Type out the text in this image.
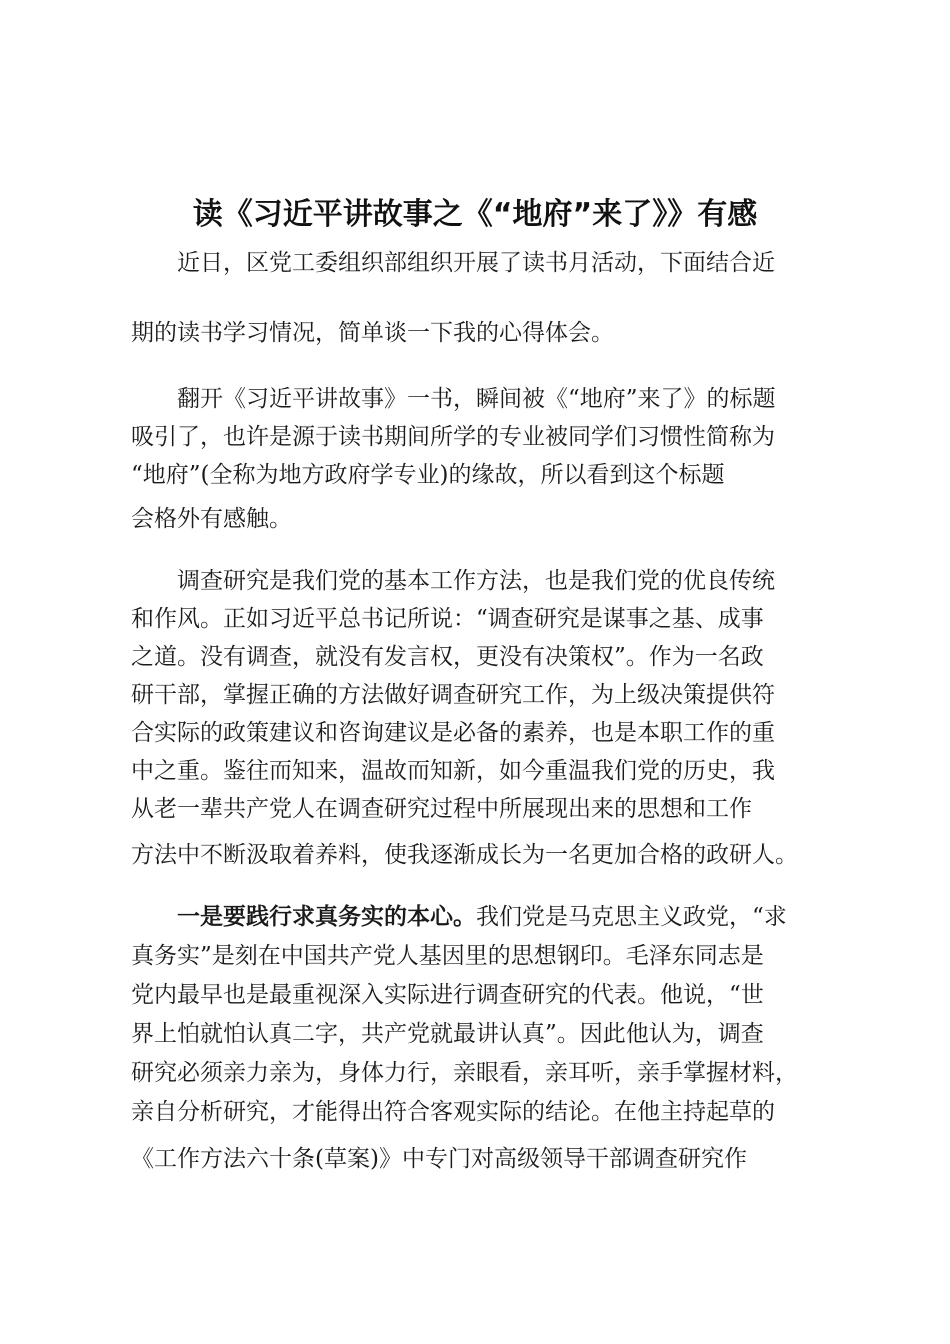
读《习近平讲故事之《“地府”来了》》有感

近日，区党工委组织部组织开展了读书月活动，下面结合近
期的读书学习情况，简单谈一下我的心得体会。

翻开《习近平讲故事》一书，瞬间被《“地府”来了》的标题
吸引了，也许是源于读书期间所学的专业被同学们习惯性简称为
“地府”(全称为地方政府学专业)的缘故，所以看到这个标题
会格外有感触。

调查研究是我们党的基本工作方法，也是我们党的优良传统
和作风。正如习近平总书记所说：“调查研究是谋事之基、成事
之道。没有调查，就没有发言权，更没有决策权”。作为一名政
研干部，掌握正确的方法做好调查研究工作，为上级决策提供符
合实际的政策建议和咨询建议是必备的素养，也是本职工作的重
中之重。鉴往而知来，温故而知新，如今重温我们党的历史，我
从老一辈共产党人在调查研究过程中所展现出来的思想和工作
方法中不断汲取着养料，使我逐渐成长为一名更加合格的政研人。

一是要践行求真务实的本心。我们党是马克思主义政党，“求
真务实”是刻在中国共产党人基因里的思想钢印。毛泽东同志是
党内最早也是最重视深入实际进行调查研究的代表。他说，“世
界上怕就怕认真二字，共产党就最讲认真”。因此他认为，调查
研究必须亲力亲为，身体力行，亲眼看，亲耳听，亲手掌握材料，
亲自分析研究，才能得出符合客观实际的结论。在他主持起草的
《工作方法六十条(草案)》中专门对高级领导干部调查研究作
